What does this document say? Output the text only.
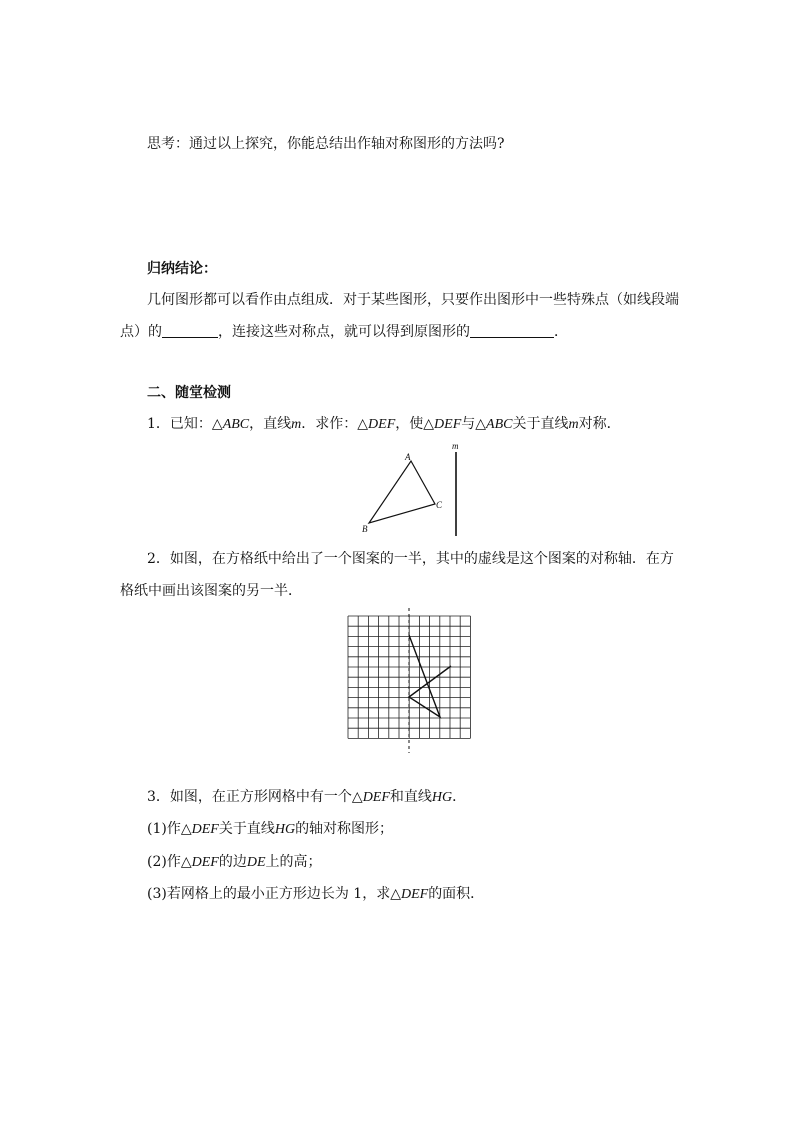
思考：通过以上探究，你能总结出作轴对称图形的方法吗?
归纳结论：
几何图形都可以看作由点组成．对于某些图形，只要作出图形中一些特殊点（如线段端
点）的	，连接这些对称点，就可以得到原图形的	．
二、随堂检测
1．已知：△ABC，直线m．求作：△DEF，使△DEF与△ABC关于直线m对称．
A
B
C
m
2．如图，在方格纸中给出了一个图案的一半，其中的虚线是这个图案的对称轴．在方
格纸中画出该图案的另一半．
3．如图，在正方形网格中有一个△DEF和直线HG．
(1)作△DEF关于直线HG的轴对称图形；
(2)作△DEF的边DE上的高；
(3)若网格上的最小正方形边长为 1，求△DEF的面积．
